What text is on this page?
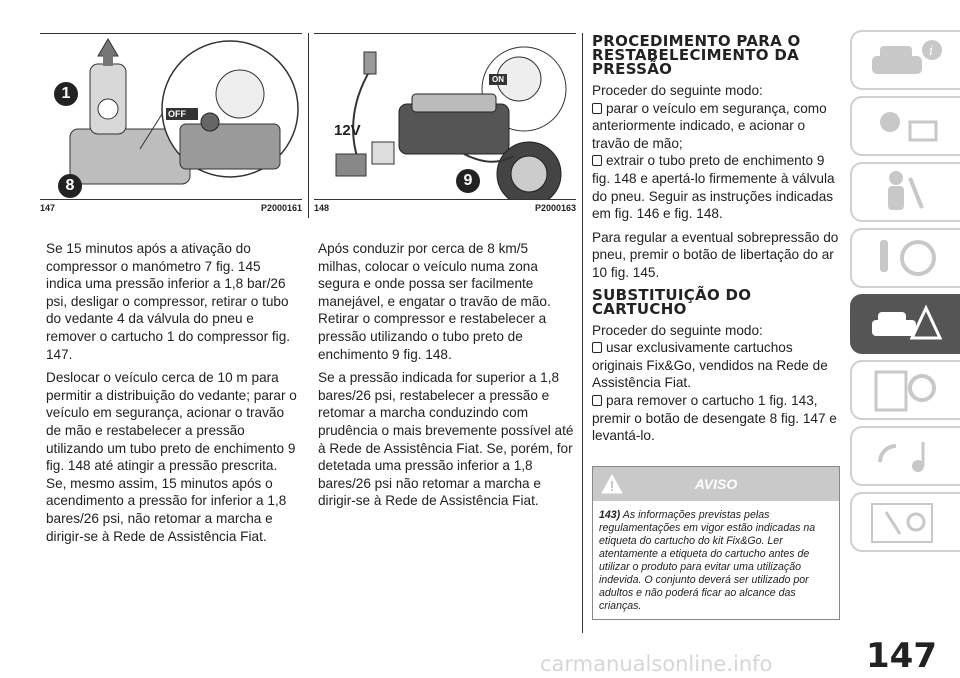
1
8
OFF
147	P2000161
9
ON
12V
148	P2000163

Se 15 minutos após a ativação do compressor o manómetro 7 fig. 145 indica uma pressão inferior a 1,8 bar/26 psi, desligar o compressor, retirar o tubo do vedante 4 da válvula do pneu e remover o cartucho 1 do compressor fig. 147.

Deslocar o veículo cerca de 10 m para permitir a distribuição do vedante; parar o veículo em segurança, acionar o travão de mão e restabelecer a pressão utilizando um tubo preto de enchimento 9 fig. 148 até atingir a pressão prescrita. Se, mesmo assim, 15 minutos após o acendimento a pressão for inferior a 1,8 bares/26 psi, não retomar a marcha e dirigir-se à Rede de Assistência Fiat.

Após conduzir por cerca de 8 km/5 milhas, colocar o veículo numa zona segura e onde possa ser facilmente manejável, e engatar o travão de mão. Retirar o compressor e restabelecer a pressão utilizando o tubo preto de enchimento 9 fig. 148.

Se a pressão indicada for superior a 1,8 bares/26 psi, restabelecer a pressão e retomar a marcha conduzindo com prudência o mais brevemente possível até à Rede de Assistência Fiat. Se, porém, for detetada uma pressão inferior a 1,8 bares/26 psi não retomar a marcha e dirigir-se à Rede de Assistência Fiat.

PROCEDIMENTO PARA O RESTABELECIMENTO DA PRESSÃO

Proceder do seguinte modo:

parar o veículo em segurança, como anteriormente indicado, e acionar o travão de mão;

extrair o tubo preto de enchimento 9 fig. 148 e apertá-lo firmemente à válvula do pneu. Seguir as instruções indicadas em fig. 146 e fig. 148.

Para regular a eventual sobrepressão do pneu, premir o botão de libertação do ar 10 fig. 145.

SUBSTITUIÇÃO DO CARTUCHO

Proceder do seguinte modo:

usar exclusivamente cartuchos originais Fix&Go, vendidos na Rede de Assistência Fiat.

para remover o cartucho 1 fig. 143, premir o botão de desengate 8 fig. 147 e levantá-lo.

AVISO
143) As informações previstas pelas regulamentações em vigor estão indicadas na etiqueta do cartucho do kit Fix&Go. Ler atentamente a etiqueta do cartucho antes de utilizar o produto para evitar uma utilização indevida. O conjunto deverá ser utilizado por adultos e não poderá ficar ao alcance das crianças.
i
147
carmanualsonline.info
